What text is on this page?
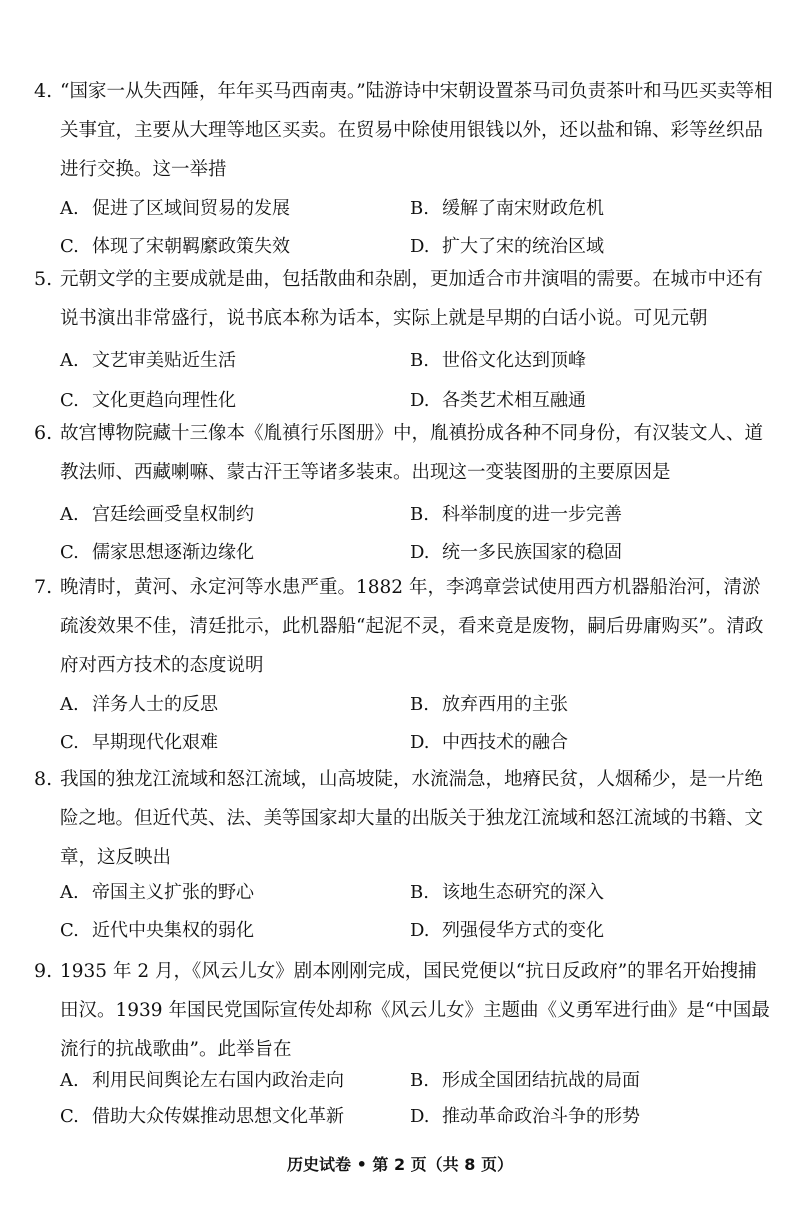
4. “国家一从失西陲，年年买马西南夷。”陆游诗中宋朝设置茶马司负责茶叶和马匹买卖等相关事宜，主要从大理等地区买卖。在贸易中除使用银钱以外，还以盐和锦、彩等丝织品进行交换。这一举措

A. 促进了区域间贸易的发展	B. 缓解了南宋财政危机
C. 体现了宋朝羁縻政策失效	D. 扩大了宋的统治区域
5. 元朝文学的主要成就是曲，包括散曲和杂剧，更加适合市井演唱的需要。在城市中还有说书演出非常盛行，说书底本称为话本，实际上就是早期的白话小说。可见元朝

A. 文艺审美贴近生活	B. 世俗文化达到顶峰
C. 文化更趋向理性化	D. 各类艺术相互融通
6. 故宫博物院藏十三像本《胤禛行乐图册》中，胤禛扮成各种不同身份，有汉装文人、道教法师、西藏喇嘛、蒙古汗王等诸多装束。出现这一变装图册的主要原因是

A. 宫廷绘画受皇权制约	B. 科举制度的进一步完善
C. 儒家思想逐渐边缘化	D. 统一多民族国家的稳固
7. 晚清时，黄河、永定河等水患严重。1882 年，李鸿章尝试使用西方机器船治河，清淤疏浚效果不佳，清廷批示，此机器船“起泥不灵，看来竟是废物，嗣后毋庸购买”。清政府对西方技术的态度说明

A. 洋务人士的反思	B. 放弃西用的主张
C. 早期现代化艰难	D. 中西技术的融合
8. 我国的独龙江流域和怒江流域，山高坡陡，水流湍急，地瘠民贫，人烟稀少，是一片绝险之地。但近代英、法、美等国家却大量的出版关于独龙江流域和怒江流域的书籍、文章，这反映出

A. 帝国主义扩张的野心	B. 该地生态研究的深入
C. 近代中央集权的弱化	D. 列强侵华方式的变化
9. 1935 年 2 月，《风云儿女》剧本刚刚完成，国民党便以“抗日反政府”的罪名开始搜捕田汉。1939 年国民党国际宣传处却称《风云儿女》主题曲《义勇军进行曲》是“中国最流行的抗战歌曲”。此举旨在

A. 利用民间舆论左右国内政治走向	B. 形成全国团结抗战的局面
C. 借助大众传媒推动思想文化革新	D. 推动革命政治斗争的形势
历史试卷 • 第 2 页（共 8 页）
